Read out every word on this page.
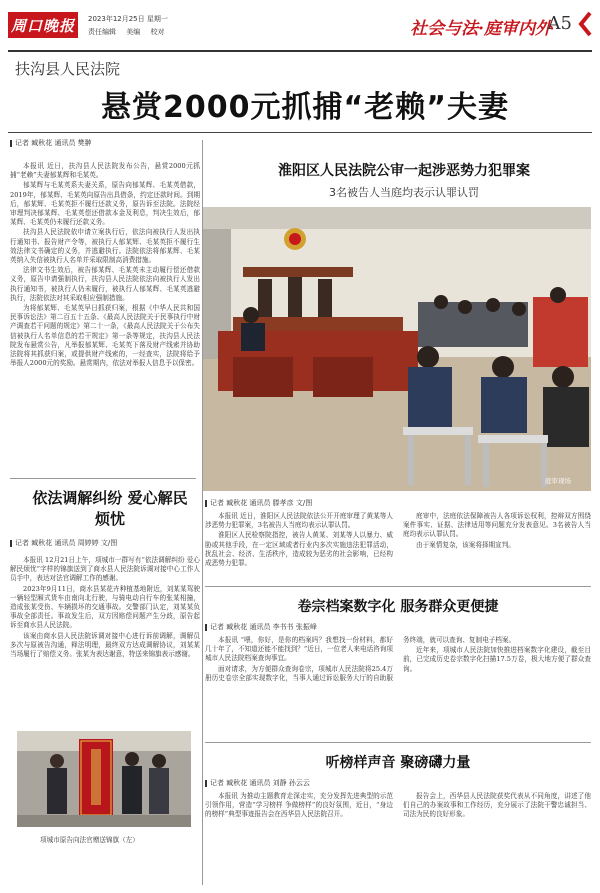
周口晚报	2023年12月25日 星期一
责任编辑 美编 校对	社会与法·庭审内外
A5
扶沟县人民法院
悬赏2000元抓捕“老赖”夫妻
记者 臧秋花 通讯员 樊翀

本报讯 近日，扶沟县人民法院发布公告，悬赏2000元抓捕“老赖”夫妻郁某辉和毛某英。

郁某辉与毛某英系夫妻关系，原告向郁某辉、毛某英借款，2019年，郁某辉、毛某英向原告出具借条，约定还款时间。到期后，郁某辉、毛某英拒不履行还款义务，原告诉至法院。法院经审理判决郁某辉、毛某英偿还借款本金及利息，判决生效后，郁某辉、毛某英仍未履行还款义务。

扶沟县人民法院依申请立案执行后，依法向被执行人发出执行通知书、报告财产令等，被执行人郁某辉、毛某英拒不履行生效法律文书确定的义务，并逃避执行。法院依法将郁某辉、毛某英纳入失信被执行人名单并采取限制高消费措施。

法律文书生效后，被告郁某辉、毛某英未主动履行偿还借款义务，原告申请强制执行，扶沟县人民法院依法向被执行人发出执行通知书，被执行人仍未履行，被执行人郁某辉、毛某英逃避执行，法院依法对其采取相应强制措施。

为将郁某辉、毛某英早日抓获归案，根据《中华人民共和国民事诉讼法》第二百五十五条、《最高人民法院关于民事执行中财产调查若干问题的规定》第二十一条，《最高人民法院关于公布失信被执行人名单信息的若干规定》第一条等规定，扶沟县人民法院发布悬赏公告，凡举报郁某辉、毛某英下落及财产线索并协助法院将其抓获归案，或提供财产线索的，一经查实，法院将给予举报人2000元的奖励。悬赏期内，依法对举报人信息予以保密。

依法调解纠纷 爱心解民烦忧
记者 臧秋花 通讯员 周婷婷 文/图

本报讯 12月21日上午，项城市一群写有“依法调解纠纷 爱心解民烦忧”字样的锦旗送到了商水县人民法院诉调对接中心工作人员手中，表达对法官调解工作的感谢。

2023年9月11日，商水县某花卉种植基地附近，刘某某驾驶一辆轻型厢式货车由南向北行驶，与骑电动自行车的张某相撞，造成张某受伤、车辆损坏的交通事故。交警部门认定，刘某某负事故全部责任。事故发生后，双方因赔偿问题产生分歧，原告起诉至商水县人民法院。

该案由商水县人民法院诉调对接中心进行诉前调解，调解员多次与原被告沟通，释法明理，最终双方达成调解协议，刘某某当场履行了赔偿义务。张某为表达谢意，特送来锦旗表示感谢。

项城市原告向法官赠送锦旗（左）
淮阳区人民法院公审一起涉恶势力犯罪案
3名被告人当庭均表示认罪认罚
庭审现场
记者 臧秋花 通讯员 滕孝彦 文/图

本报讯 近日，淮阳区人民法院依法公开开庭审理了黄某等人涉恶势力犯罪案，3名被告人当庭均表示认罪认罚。

淮阳区人民检察院指控，被告人黄某、刘某等人以暴力、威胁或其他手段，在一定区域或者行业内多次实施违法犯罪活动，扰乱社会、经济、生活秩序，造成较为恶劣的社会影响，已经构成恶势力犯罪。

庭审中，法庭依法保障被告人各项诉讼权利，控辩双方围绕案件事实、证据、法律适用等问题充分发表意见。3名被告人当庭均表示认罪认罚。

由于案情复杂，该案将择期宣判。

卷宗档案数字化 服务群众更便捷
记者 臧秋花 通讯员 李书书 张振峰

本报讯 “喂，你好，是你的档案吗？我想找一份材料，都好几十年了，不知道还能不能找到？”近日，一位老人来电话咨询项城市人民法院档案查询事宜。

面对请求，为方便群众查询卷宗，项城市人民法院将25.4万册历史卷宗全部实现数字化，当事人通过诉讼服务大厅的自助服务终端，就可以查询、复制电子档案。

近年来，项城市人民法院加快推进档案数字化建设，截至目前，已完成历史卷宗数字化扫描17.5万卷，极大地方便了群众查询。

听榜样声音 聚磅礴力量
记者 臧秋花 通讯员 刘静 孙云云

本报讯 为推动主题教育走深走实，充分发挥先进典型的示范引领作用，营造“学习榜样 争做榜样”的良好氛围，近日，“身边的榜样”典型事迹报告会在西华县人民法院召开。

报告会上，西华县人民法院获奖代表从不同角度，讲述了他们自己的办案故事和工作经历，充分展示了法院干警忠诚担当、司法为民的良好形象。
